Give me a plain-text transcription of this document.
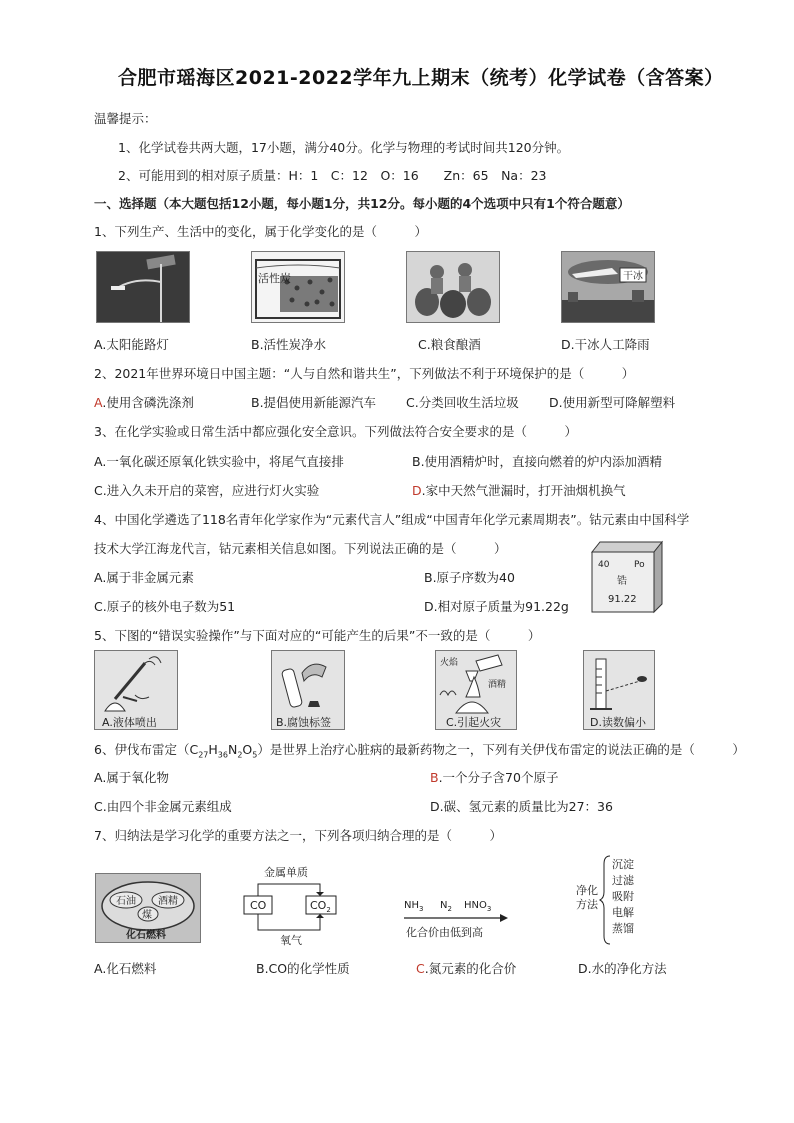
合肥市瑶海区2021-2022学年九上期末（统考）化学试卷（含答案）
温馨提示：
1、化学试卷共两大题，17小题，满分40分。化学与物理的考试时间共120分钟。
2、可能用到的相对原子质量：H：1　C：12　O：16　　Zn：65　Na：23
一、选择题（本大题包括12小题，每小题1分，共12分。每小题的4个选项中只有1个符合题意）
1、下列生产、生活中的变化，属于化学变化的是（　　　）
活性炭	干冰
A.太阳能路灯	B.活性炭净水	C.粮食酿酒	D.干冰人工降雨
2、2021年世界环境日中国主题：“人与自然和谐共生”，下列做法不利于环境保护的是（　　　）
A.使用含磷洗涤剂	B.提倡使用新能源汽车 C.分类回收生活垃圾 D.使用新型可降解塑料
3、在化学实验或日常生活中都应强化安全意识。下列做法符合安全要求的是（　　　）
A.一氧化碳还原氧化铁实验中，将尾气直接排	B.使用酒精炉时，直接向燃着的炉内添加酒精
C.进入久未开启的菜窖，应进行灯火实验	D.家中天然气泄漏时，打开油烟机换气
4、中国化学遴选了118名青年化学家作为“元素代言人”组成“中国青年化学元素周期表”。钴元素由中国科学
技术大学江海龙代言，钴元素相关信息如图。下列说法正确的是（　　　）
A.属于非金属元素	B.原子序数为40
C.原子的核外电子数为51	D.相对原子质量为91.22g
40	Po
锆
91.22
5、下图的“错误实验操作”与下面对应的“可能产生的后果”不一致的是（　　　）
火焰
酒精
A.液体喷出	B.腐蚀标签	C.引起火灾	D.读数偏小
6、伊伐布雷定$(C_{27}H_{36}N_2O_5)$是世界上治疗心脏病的最新药物之一，下列有关伊伐布雷定的说法正确的是（　　　）
A.属于氧化物	B.一个分子含70个原子
C.由四个非金属元素组成	D.碳、氢元素的质量比为27：36
7、归纳法是学习化学的重要方法之一，下列各项归纳合理的是（　　　）
石油 酒精
煤
化石燃料
金属单质
CO	$CO_2$
氧气
$NH_3$ $N_2$ $HNO_3$
化合价由低到高
净化
方法
沉淀
过滤
吸附
电解
蒸馏
A.化石燃料	B.CO的化学性质	C.氮元素的化合价	D.水的净化方法
